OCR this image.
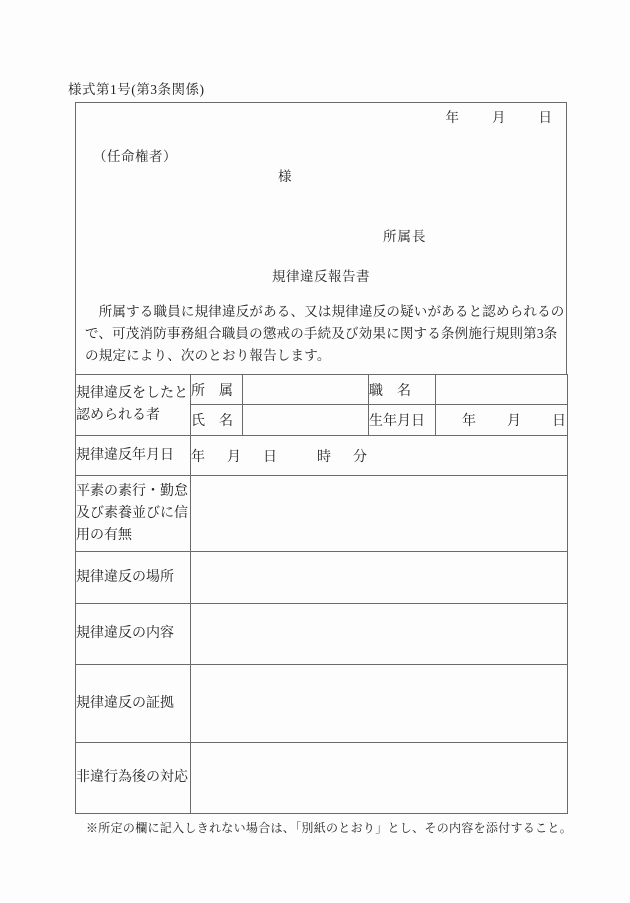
様式第1号(第3条関係)
年　　月　　日
（任命権者）
様
所属長
規律違反報告書
　所属する職員に規律違反がある、又は規律違反の疑いがあると認められるの
で、可茂消防事務組合職員の懲戒の手続及び効果に関する条例施行規則第3条
の規定により、次のとおり報告します。
規律違反をしたと認められる者	所　属		職　名	
	氏　名		生年月日	年　　月　　日
規律違反年月日	年　月　日　　時　分			
平素の素行・勤怠及び素養並びに信用の有無				
規律違反の場所				
規律違反の内容				
規律違反の証拠				
非違行為後の対応				
※所定の欄に記入しきれない場合は、「別紙のとおり」とし、その内容を添付すること。
